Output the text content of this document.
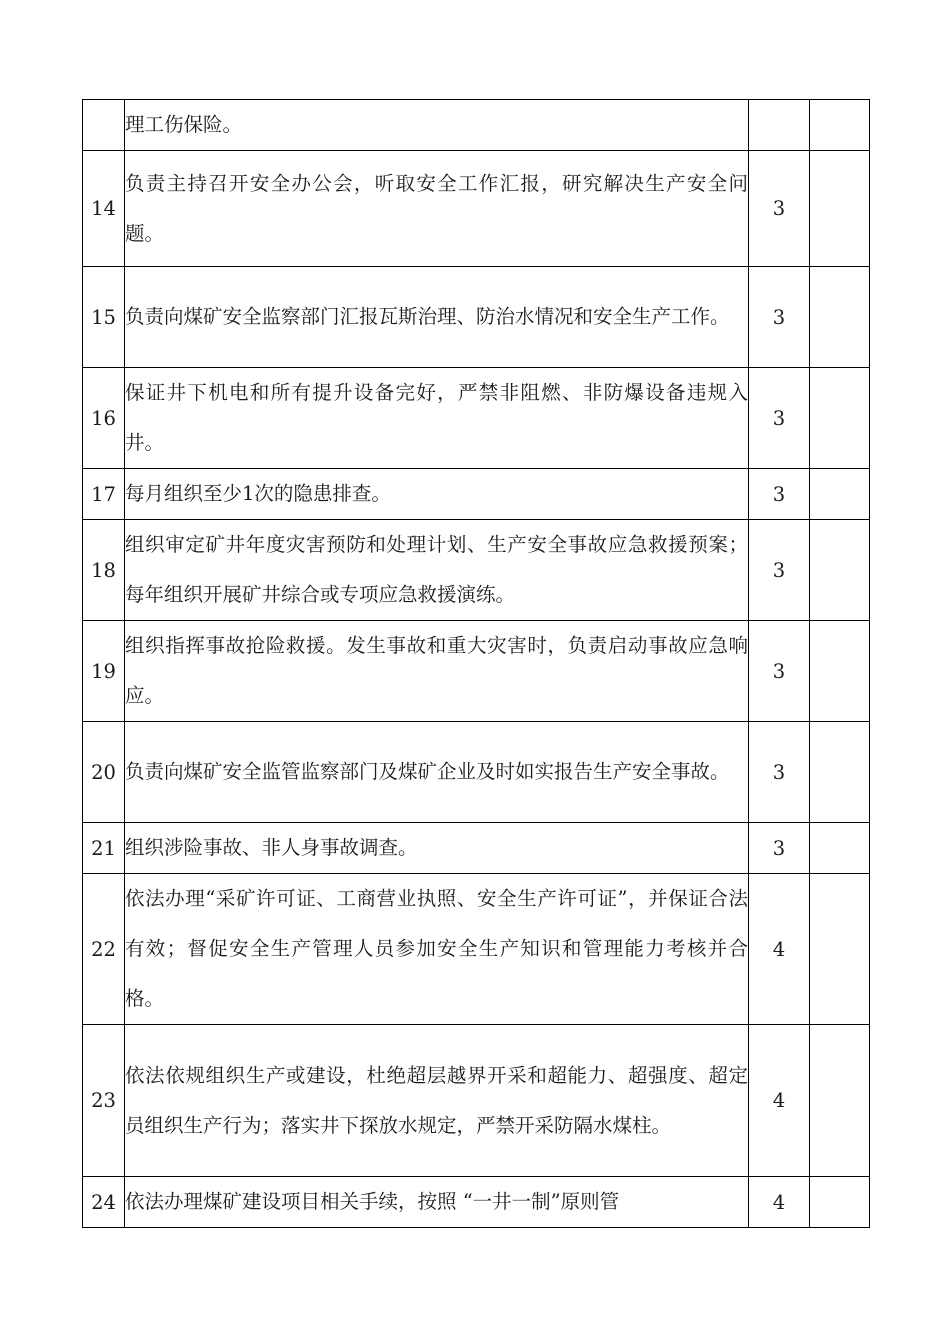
	理工伤保险。		
14	负责主持召开安全办公会，听取安全工作汇报，研究解决生产安全问题。	3	
15	负责向煤矿安全监察部门汇报瓦斯治理、防治水情况和安全生产工作。	3	
16	保证井下机电和所有提升设备完好，严禁非阻燃、非防爆设备违规入井。	3	
17	每月组织至少1次的隐患排查。	3	
18	组织审定矿井年度灾害预防和处理计划、生产安全事故应急救援预案；每年组织开展矿井综合或专项应急救援演练。	3	
19	组织指挥事故抢险救援。发生事故和重大灾害时，负责启动事故应急响应。	3	
20	负责向煤矿安全监管监察部门及煤矿企业及时如实报告生产安全事故。	3	
21	组织涉险事故、非人身事故调查。	3	
22	依法办理“采矿许可证、工商营业执照、安全生产许可证”，并保证合法有效；督促安全生产管理人员参加安全生产知识和管理能力考核并合格。	4	
23	依法依规组织生产或建设，杜绝超层越界开采和超能力、超强度、超定员组织生产行为；落实井下探放水规定，严禁开采防隔水煤柱。	4	
24	依法办理煤矿建设项目相关手续，按照 “一井一制”原则管	4	
